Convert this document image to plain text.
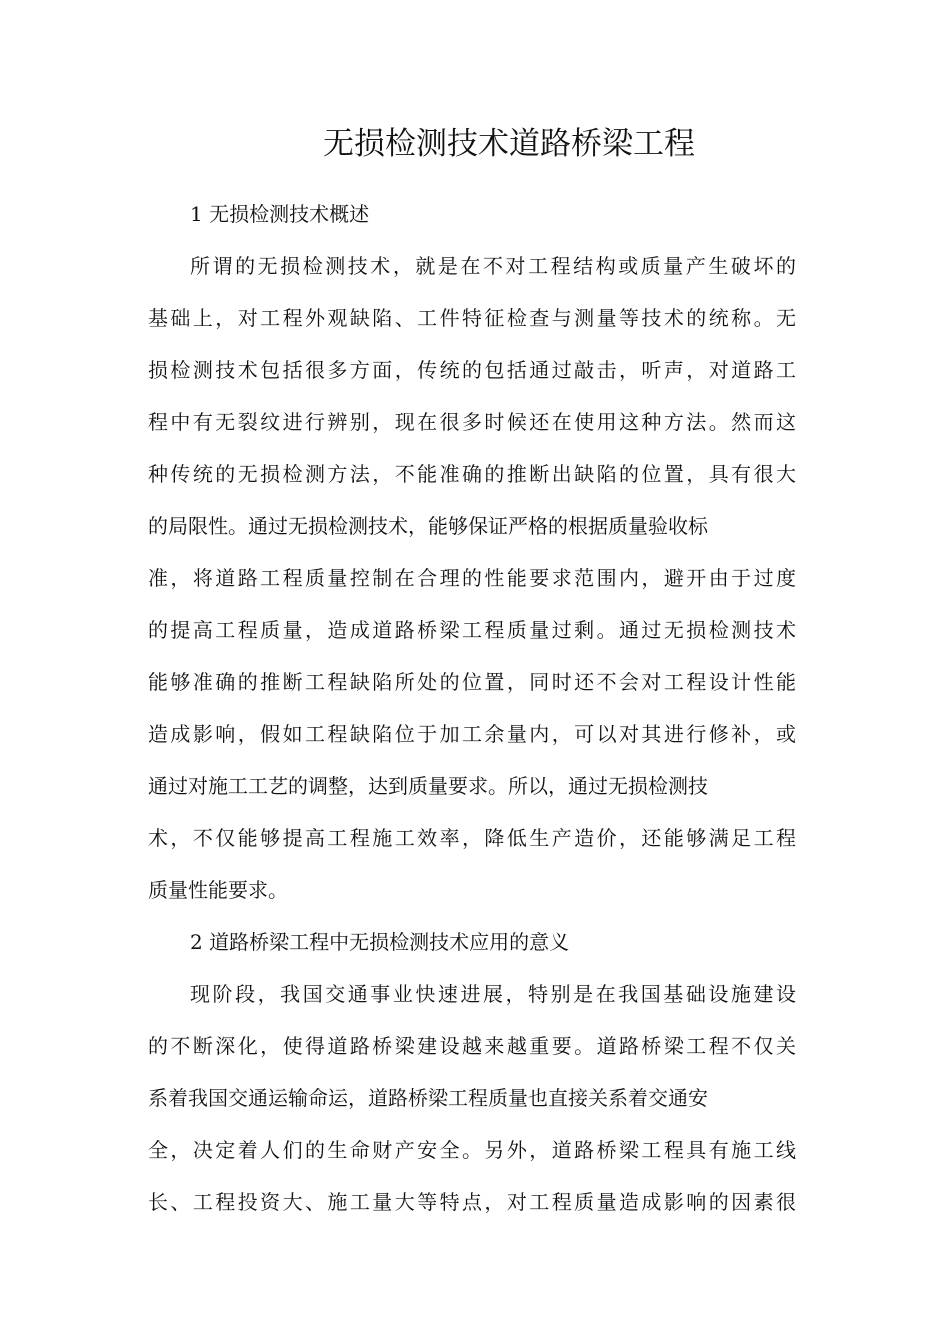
无损检测技术道路桥梁工程
1 无损检测技术概述
所谓的无损检测技术，就是在不对工程结构或质量产生破坏的
基础上，对工程外观缺陷、工件特征检查与测量等技术的统称。无
损检测技术包括很多方面，传统的包括通过敲击，听声，对道路工
程中有无裂纹进行辨别，现在很多时候还在使用这种方法。然而这
种传统的无损检测方法，不能准确的推断出缺陷的位置，具有很大
的局限性。通过无损检测技术，能够保证严格的根据质量验收标
准，将道路工程质量控制在合理的性能要求范围内，避开由于过度
的提高工程质量，造成道路桥梁工程质量过剩。通过无损检测技术
能够准确的推断工程缺陷所处的位置，同时还不会对工程设计性能
造成影响，假如工程缺陷位于加工余量内，可以对其进行修补，或
通过对施工工艺的调整，达到质量要求。所以，通过无损检测技
术，不仅能够提高工程施工效率，降低生产造价，还能够满足工程
质量性能要求。
2 道路桥梁工程中无损检测技术应用的意义
现阶段，我国交通事业快速进展，特别是在我国基础设施建设
的不断深化，使得道路桥梁建设越来越重要。道路桥梁工程不仅关
系着我国交通运输命运，道路桥梁工程质量也直接关系着交通安
全，决定着人们的生命财产安全。另外，道路桥梁工程具有施工线
长、工程投资大、施工量大等特点，对工程质量造成影响的因素很
